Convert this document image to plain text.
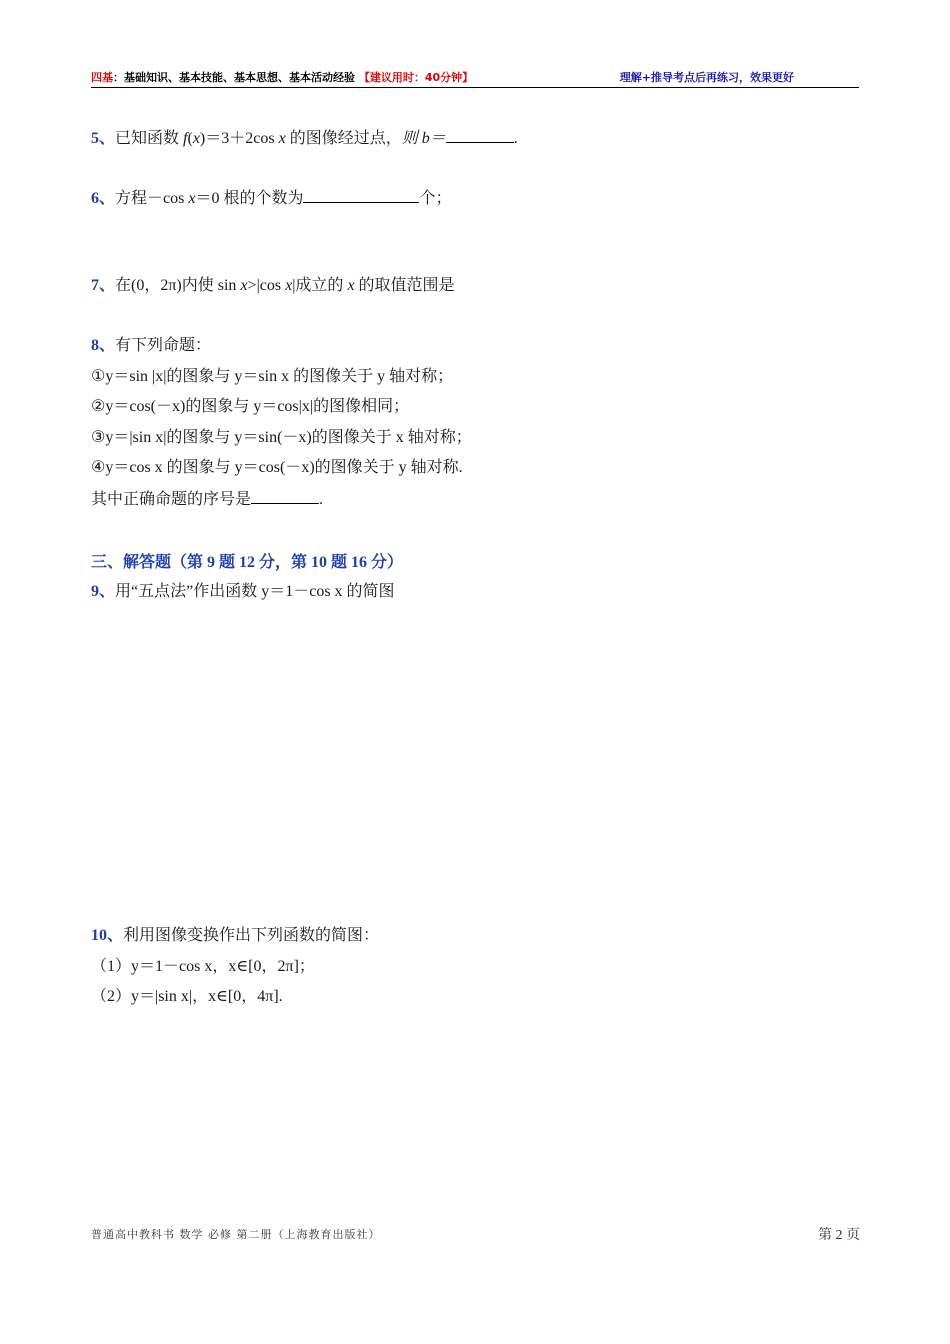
四基：基础知识、基本技能、基本思想、基本活动经验 【建议用时：40分钟】	理解+推导考点后再练习，效果更好
5、已知函数 f(x)＝3＋2cos x 的图像经过点，则 b＝	.
6、方程－cos x＝0 根的个数为	个；
7、在(0，2π)内使 sin x>|cos x|成立的 x 的取值范围是
8、有下列命题：
①y＝sin |x|的图象与 y＝sin x 的图像关于 y 轴对称；
②y＝cos(－x)的图象与 y＝cos|x|的图像相同；
③y＝|sin x|的图象与 y＝sin(－x)的图像关于 x 轴对称；
④y＝cos x 的图象与 y＝cos(－x)的图像关于 y 轴对称.
其中正确命题的序号是	.
三、解答题（第 9 题 12 分，第 10 题 16 分）
9、用“五点法”作出函数 y＝1－cos x 的简图
10、利用图像变换作出下列函数的简图：
（1）y＝1－cos x，x∈[0，2π]；
（2）y＝|sin x|，x∈[0，4π].
普通高中教科书 数学 必修 第二册（上海教育出版社）	第 2 页
